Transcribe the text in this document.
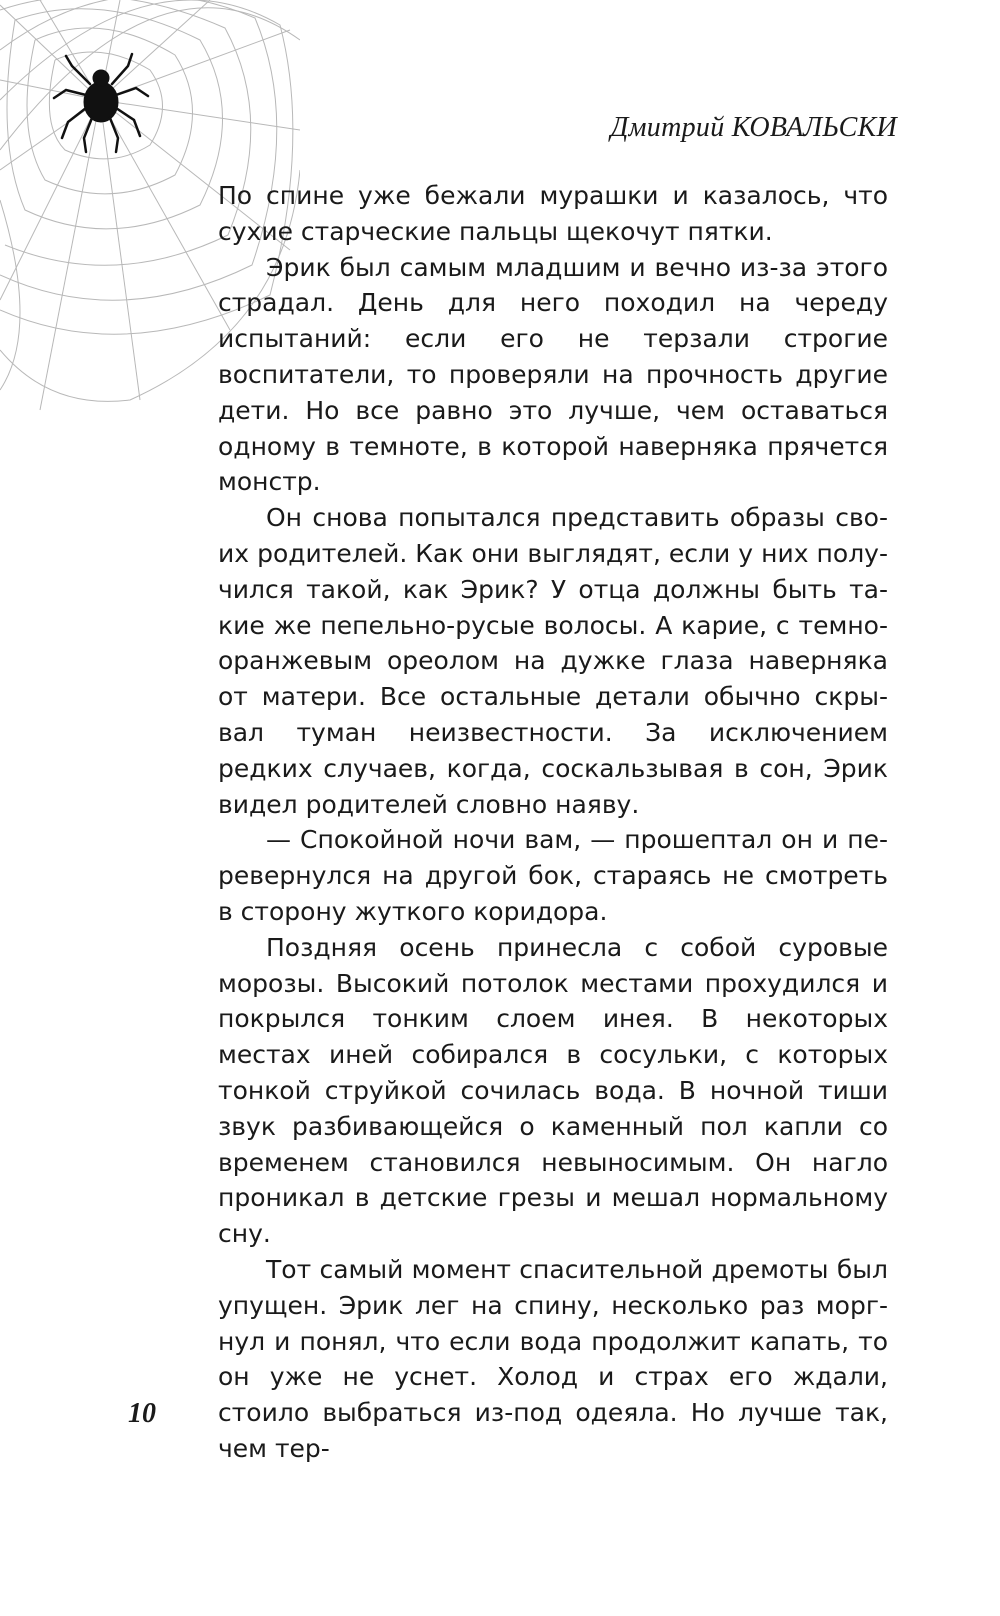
Дмитрий КОВАЛЬСКИ

По спине уже бежали мурашки и казалось, что сухие старческие пальцы щекочут пятки.

Эрик был самым младшим и вечно из-за этого страдал. День для него походил на череду испытаний: если его не терзали строгие воспитатели, то проверяли на прочность другие дети. Но все равно это лучше, чем оставаться одному в темноте, в которой наверняка прячется монстр.

Он снова попытался представить образы своих родителей. Как они выглядят, если у них получился такой, как Эрик? У отца должны быть такие же пепельно-русые волосы. А карие, с темно-оранжевым ореолом на дужке глаза наверняка от матери. Все остальные детали обычно скрывал туман неизвестности. За исключением редких случаев, когда, соскальзывая в сон, Эрик видел родителей словно наяву.

— Спокойной ночи вам, — прошептал он и перевернулся на другой бок, стараясь не смотреть в сторону жуткого коридора.

Поздняя осень принесла с собой суровые морозы. Высокий потолок местами прохудился и покрылся тонким слоем инея. В некоторых местах иней собирался в сосульки, с которых тонкой струйкой сочилась вода. В ночной тиши звук разбивающейся о каменный пол капли со временем становился невыносимым. Он нагло проникал в детские грезы и мешал нормальному сну.

Тот самый момент спасительной дремоты был упущен. Эрик лег на спину, несколько раз моргнул и понял, что если вода продолжит капать, то он уже не уснет. Холод и страх его ждали, стоило выбраться из-под одеяла. Но лучше так, чем тер-

10
